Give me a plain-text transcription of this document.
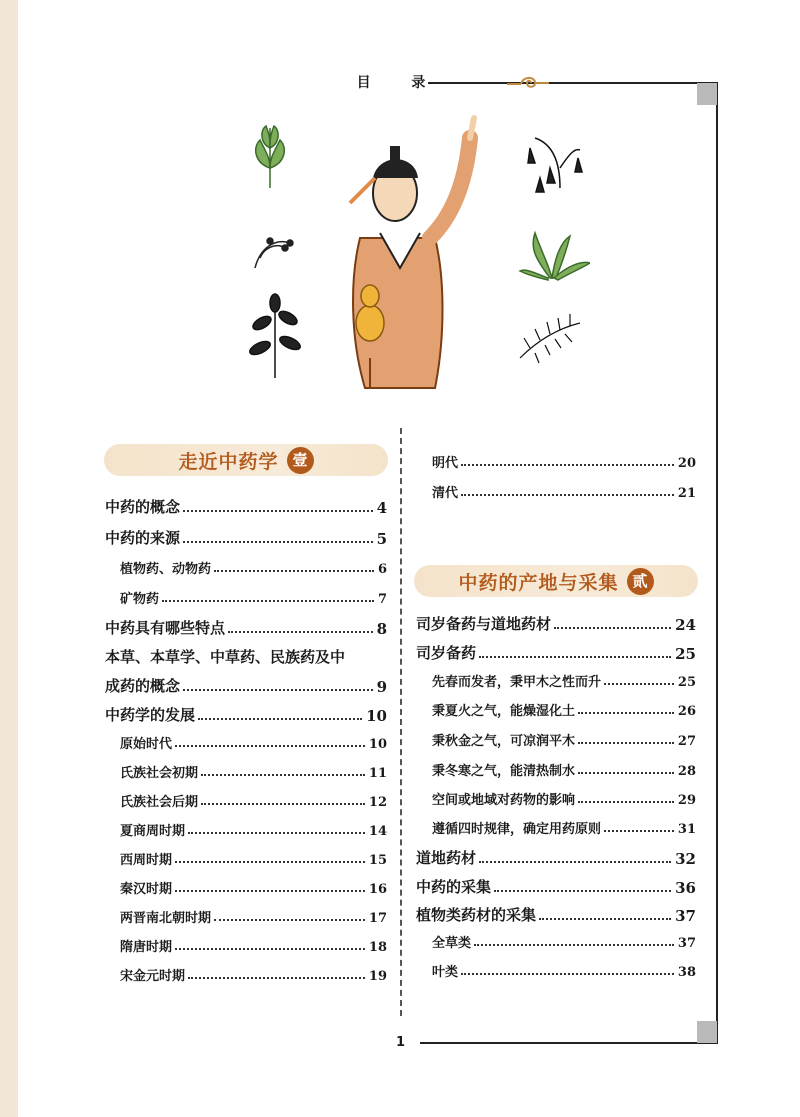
目 录
走近中药学 壹
中药的产地与采集 贰
中药的概念	4
中药的来源	5
植物药、动物药	6
矿物药	7
中药具有哪些特点	8
本草、本草学、中草药、民族药及中
成药的概念	9
中药学的发展	10
原始时代	10
氏族社会初期	11
氏族社会后期	12
夏商周时期	14
西周时期	15
秦汉时期	16
两晋南北朝时期	17
隋唐时期	18
宋金元时期	19
明代	20
清代	21
司岁备药与道地药材	24
司岁备药	25
先春而发者，秉甲木之性而升	25
秉夏火之气，能燥湿化土	26
秉秋金之气，可凉润平木	27
秉冬寒之气，能清热制水	28
空间或地域对药物的影响	29
遵循四时规律，确定用药原则	31
道地药材	32
中药的采集	36
植物类药材的采集	37
全草类	37
叶类	38
1
